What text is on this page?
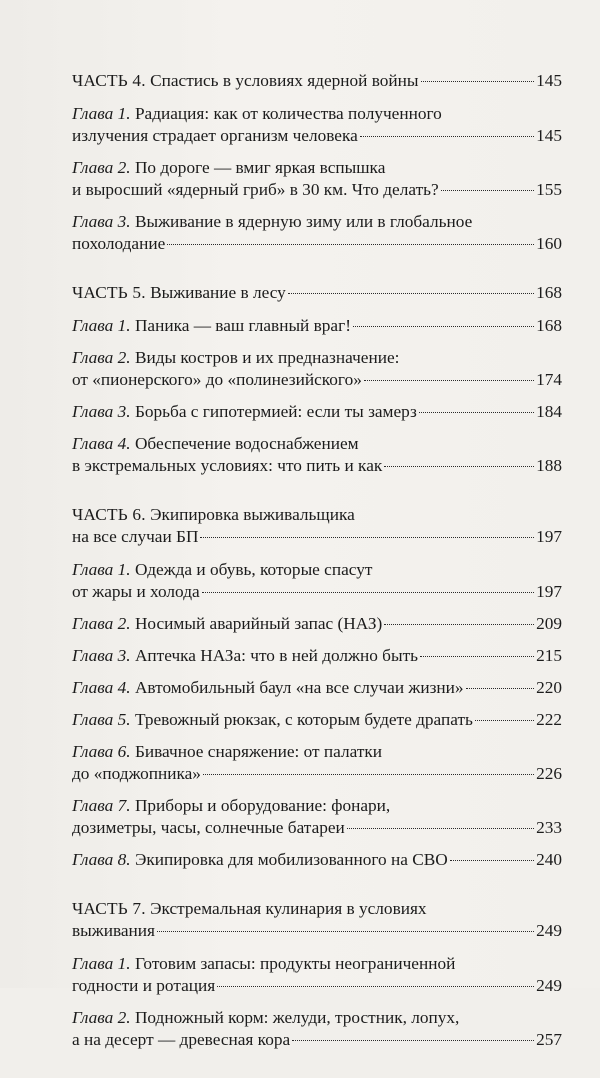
ЧАСТЬ 4. Спастись в условиях ядерной войны	145
Глава 1. Радиация: как от количества полученного
излучения страдает организм человека	145
Глава 2. По дороге — вмиг яркая вспышка
и выросший «ядерный гриб» в 30 км. Что делать?	155
Глава 3. Выживание в ядерную зиму или в глобальное
похолодание	160
ЧАСТЬ 5. Выживание в лесу	168
Глава 1. Паника — ваш главный враг!	168
Глава 2. Виды костров и их предназначение:
от «пионерского» до «полинезийского»	174
Глава 3. Борьба с гипотермией: если ты замерз	184
Глава 4. Обеспечение водоснабжением
в экстремальных условиях: что пить и как	188
ЧАСТЬ 6. Экипировка выживальщика
на все случаи БП	197
Глава 1. Одежда и обувь, которые спасут
от жары и холода	197
Глава 2. Носимый аварийный запас (НАЗ)	209
Глава 3. Аптечка НАЗа: что в ней должно быть	215
Глава 4. Автомобильный баул «на все случаи жизни»	220
Глава 5. Тревожный рюкзак, с которым будете драпать	222
Глава 6. Бивачное снаряжение: от палатки
до «поджопника»	226
Глава 7. Приборы и оборудование: фонари,
дозиметры, часы, солнечные батареи	233
Глава 8. Экипировка для мобилизованного на СВО	240
ЧАСТЬ 7. Экстремальная кулинария в условиях
выживания	249
Глава 1. Готовим запасы: продукты неограниченной
годности и ротация	249
Глава 2. Подножный корм: желуди, тростник, лопух,
а на десерт — древесная кора	257
